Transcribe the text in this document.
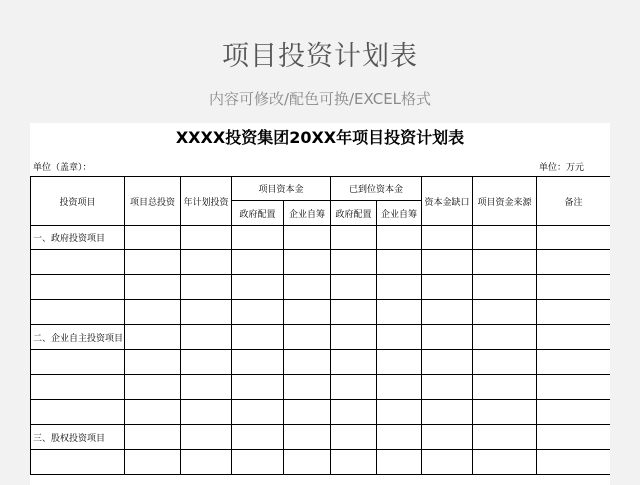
项目投资计划表
内容可修改/配色可换/EXCEL格式
XXXX投资集团20XX年项目投资计划表
单位（盖章）：	单位：万元
投资项目	项目总投资	年计划投资	项目资本金		已到位资本金		资本金缺口	项目资金来源	备注
			政府配置	企业自筹	政府配置	企业自筹			
一、政府投资项目									

二、企业自主投资项目									

三、股权投资项目									
